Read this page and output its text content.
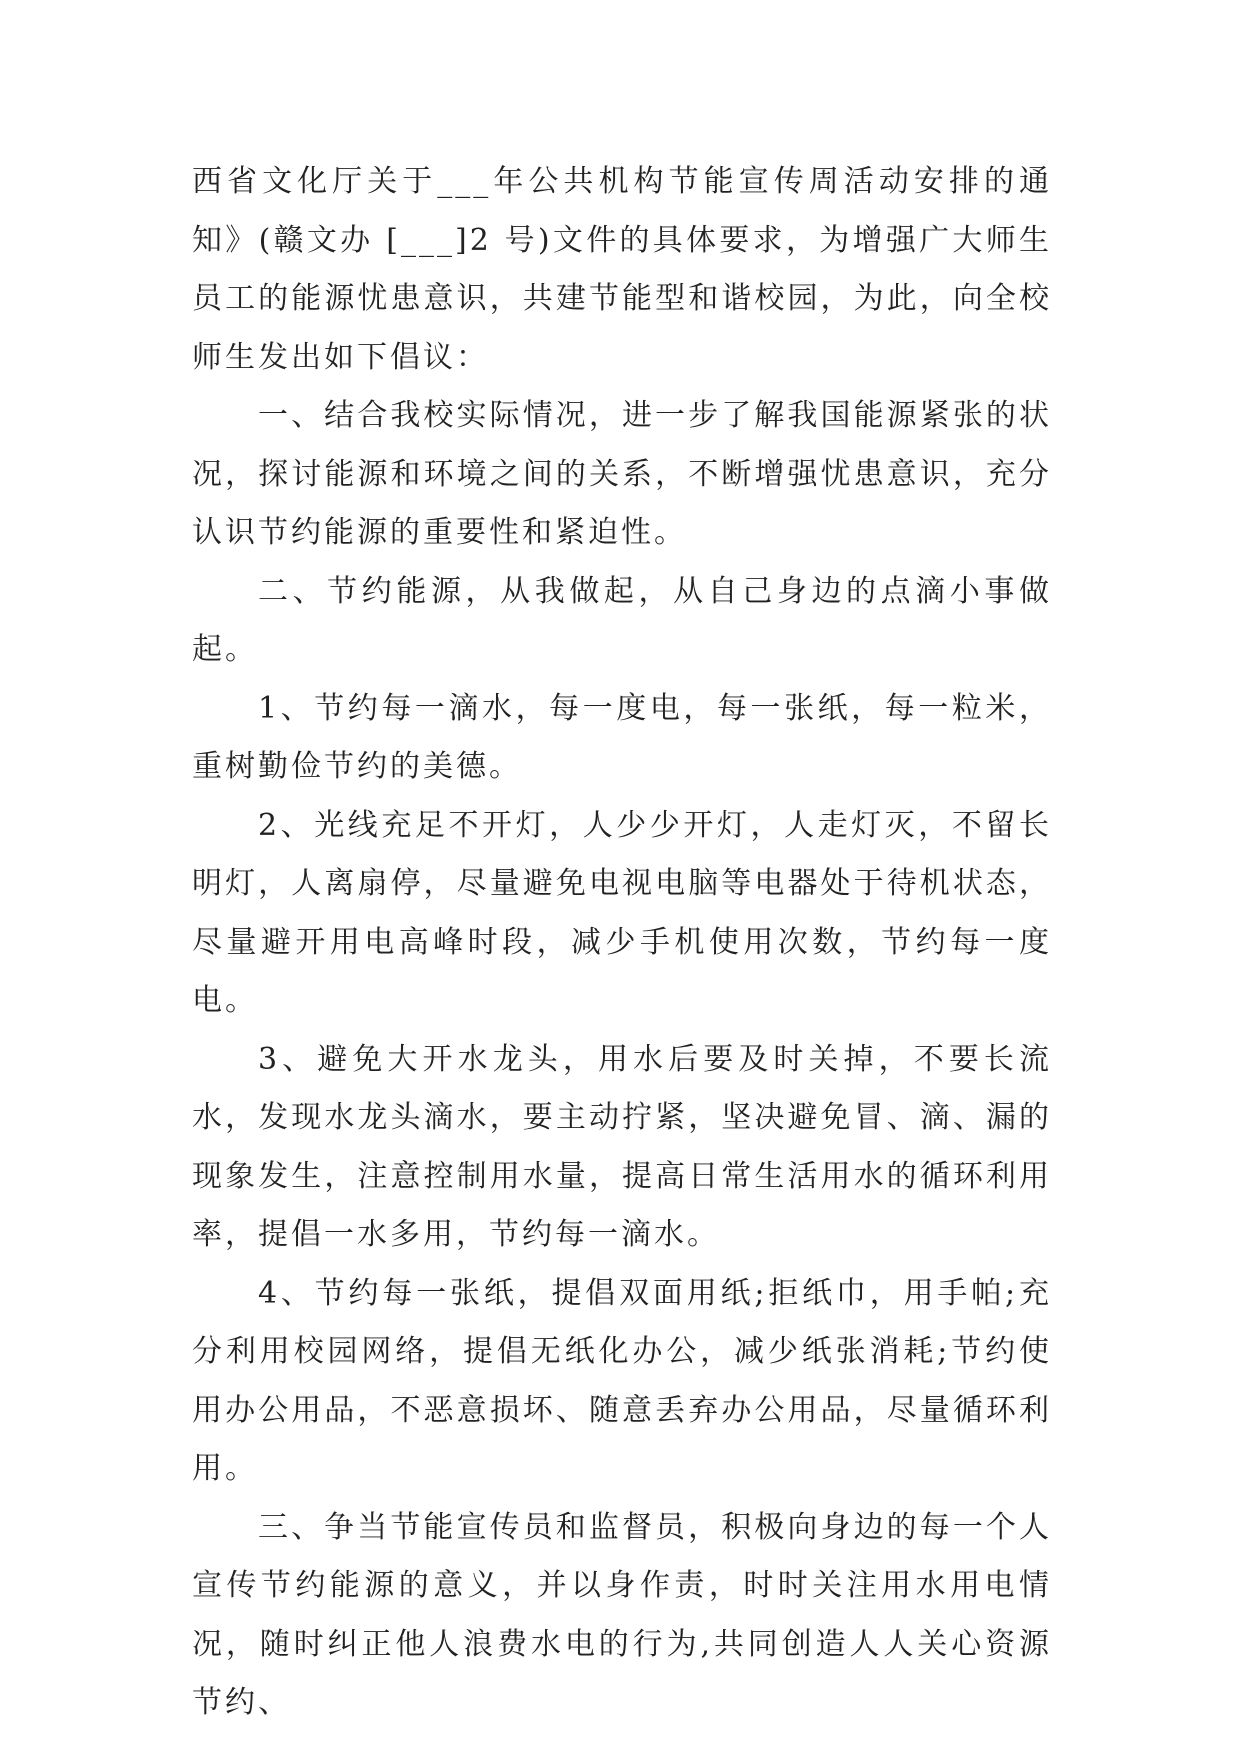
西省文化厅关于___年公共机构节能宣传周活动安排的通知》(赣文办 [___]2 号)文件的具体要求，为增强广大师生员工的能源忧患意识，共建节能型和谐校园，为此，向全校师生发出如下倡议：

一、结合我校实际情况，进一步了解我国能源紧张的状况，探讨能源和环境之间的关系，不断增强忧患意识，充分认识节约能源的重要性和紧迫性。

二、节约能源，从我做起，从自己身边的点滴小事做起。

1、节约每一滴水，每一度电，每一张纸，每一粒米，重树勤俭节约的美德。

2、光线充足不开灯，人少少开灯，人走灯灭，不留长明灯，人离扇停，尽量避免电视电脑等电器处于待机状态，尽量避开用电高峰时段，减少手机使用次数，节约每一度电。

3、避免大开水龙头，用水后要及时关掉，不要长流水，发现水龙头滴水，要主动拧紧，坚决避免冒、滴、漏的现象发生，注意控制用水量，提高日常生活用水的循环利用率，提倡一水多用，节约每一滴水。

4、节约每一张纸，提倡双面用纸;拒纸巾，用手帕;充分利用校园网络，提倡无纸化办公，减少纸张消耗;节约使用办公用品，不恶意损坏、随意丢弃办公用品，尽量循环利用。

三、争当节能宣传员和监督员，积极向身边的每一个人宣传节约能源的意义，并以身作责，时时关注用水用电情况，随时纠正他人浪费水电的行为,共同创造人人关心资源节约、
